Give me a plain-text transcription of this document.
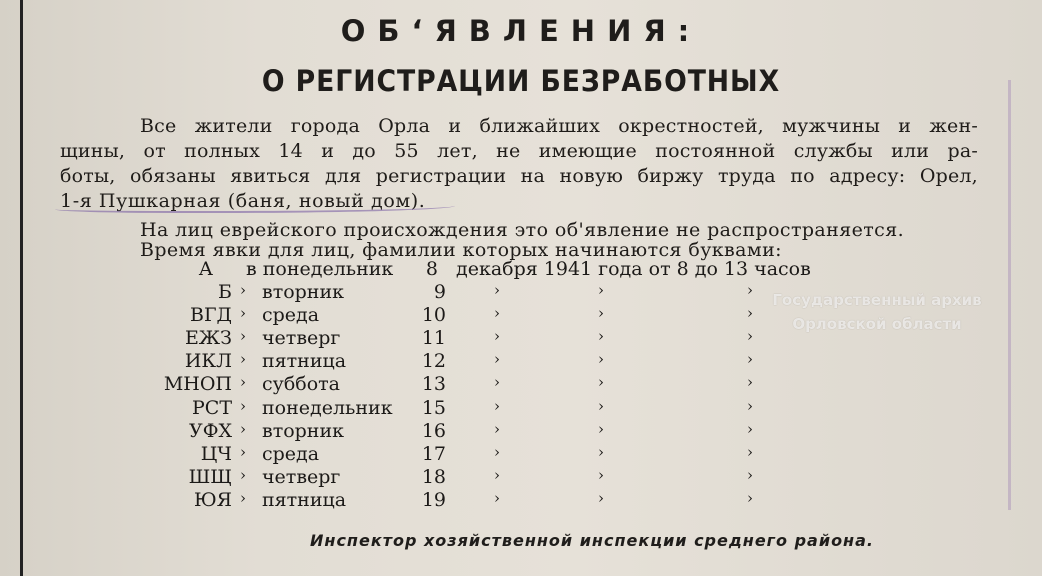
ОБ‘ЯВЛЕНИЯ:
О РЕГИСТРАЦИИ БЕЗРАБОТНЫХ
Все жители города Орла и ближайших окрестностей, мужчины и жен-
щины, от полных 14 и до 55 лет, не имеющие постоянной службы или ра-
боты, обязаны явиться для регистрации на новую биржу труда по адресу: Орел,
1-я Пушкарная (баня, новый дом).
На лиц еврейского происхождения это об'явление не распространяется.
Время явки для лиц, фамилии которых начинаются буквами:
А в понедельник	8 декабря 1941 года от 8 до 13 часов
Б › вторник	9	›	›	›
ВГД › среда	10	›	›	›
ЕЖЗ › четверг	11	›	›	›
ИКЛ › пятница	12	›	›	›
МНОП › суббота	13	›	›	›
РСТ › понедельник	15	›	›	›
УФХ › вторник	16	›	›	›
ЦЧ › среда	17	›	›	›
ШЩ › четверг	18	›	›	›
ЮЯ › пятница	19	›	›	›
Государственный архив
Орловской области
Инспектор хозяйственной инспекции среднего района.
